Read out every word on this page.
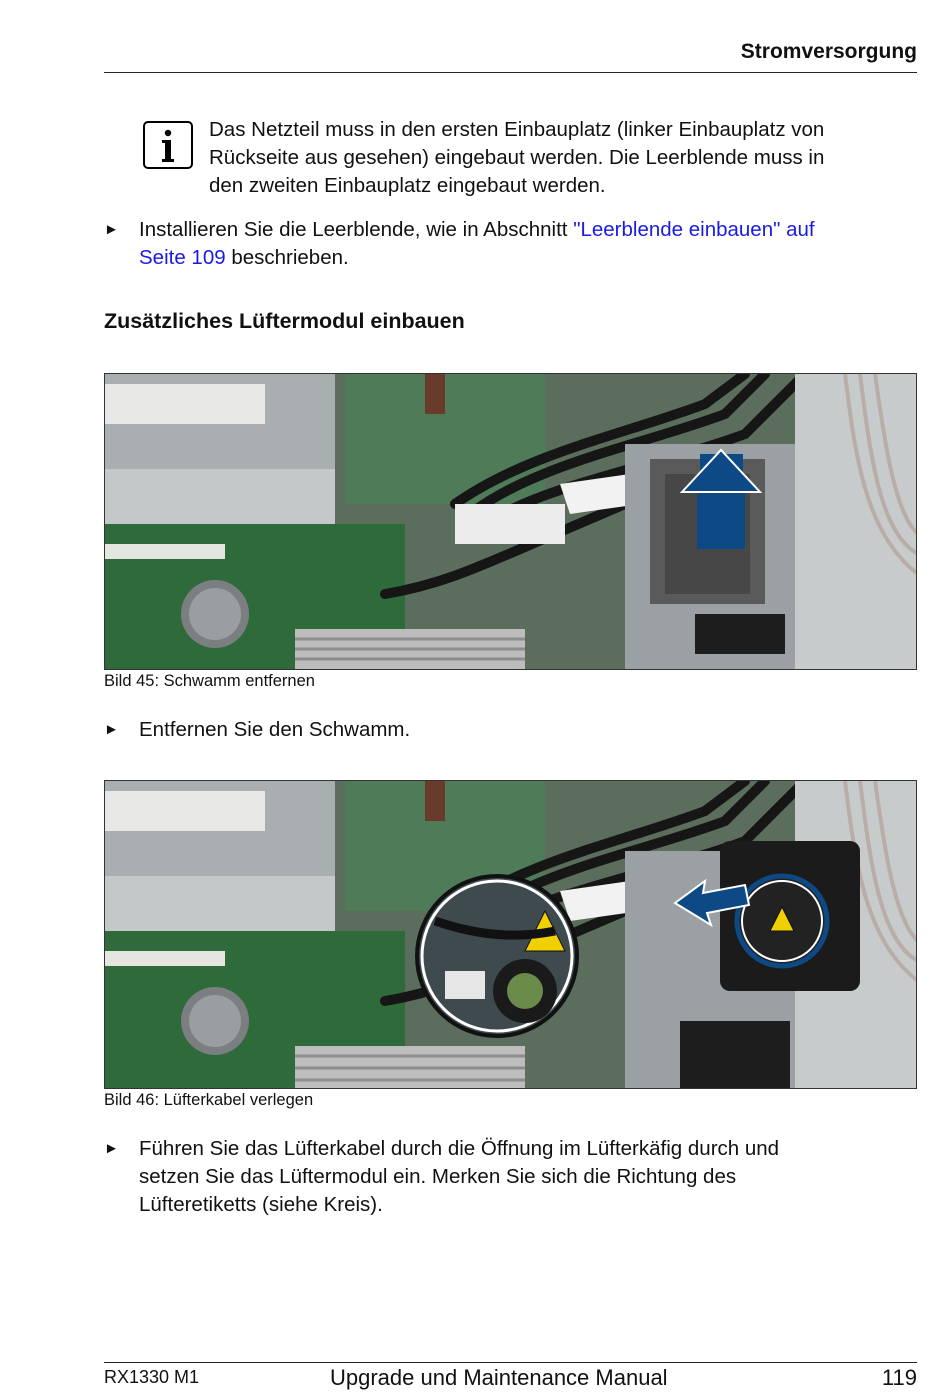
Stromversorgung
Das Netzteil muss in den ersten Einbauplatz (linker Einbauplatz von
Rückseite aus gesehen) eingebaut werden. Die Leerblende muss in
den zweiten Einbauplatz eingebaut werden.
► Installieren Sie die Leerblende, wie in Abschnitt "Leerblende einbauen" auf
Seite 109 beschrieben.
Zusätzliches Lüftermodul einbauen
Bild 45: Schwamm entfernen
► Entfernen Sie den Schwamm.
Bild 46: Lüfterkabel verlegen
► Führen Sie das Lüfterkabel durch die Öffnung im Lüfterkäfig durch und
setzen Sie das Lüftermodul ein. Merken Sie sich die Richtung des
Lüfteretiketts (siehe Kreis).
RX1330 M1	Upgrade und Maintenance Manual	119
